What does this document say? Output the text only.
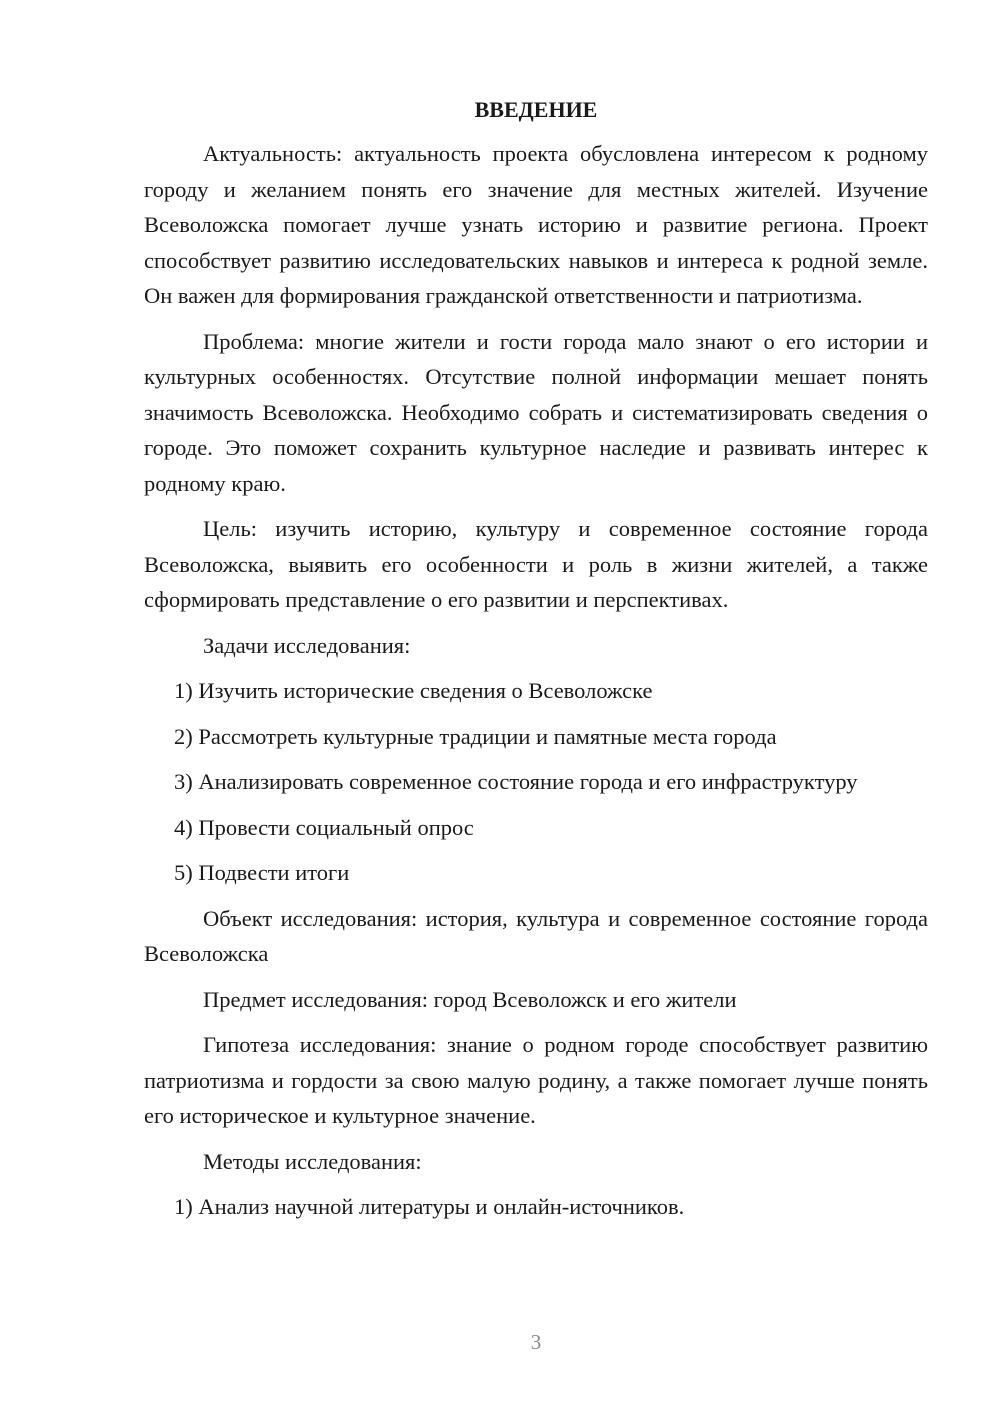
ВВЕДЕНИЕ

Актуальность: актуальность проекта обусловлена интересом к родному городу и желанием понять его значение для местных жителей. Изучение Всеволожска помогает лучше узнать историю и развитие региона. Проект способствует развитию исследовательских навыков и интереса к родной земле. Он важен для формирования гражданской ответственности и патриотизма.

Проблема: многие жители и гости города мало знают о его истории и культурных особенностях. Отсутствие полной информации мешает понять значимость Всеволожска. Необходимо собрать и систематизировать сведения о городе. Это поможет сохранить культурное наследие и развивать интерес к родному краю.

Цель: изучить историю, культуру и современное состояние города Всеволожска, выявить его особенности и роль в жизни жителей, а также сформировать представление о его развитии и перспективах.

Задачи исследования:

1) Изучить исторические сведения о Всеволожске

2) Рассмотреть культурные традиции и памятные места города

3) Анализировать современное состояние города и его инфраструктуру

4) Провести социальный опрос

5) Подвести итоги

Объект исследования: история, культура и современное состояние города Всеволожска

Предмет исследования: город Всеволожск и его жители

Гипотеза исследования: знание о родном городе способствует развитию патриотизма и гордости за свою малую родину, а также помогает лучше понять его историческое и культурное значение.

Методы исследования:

1) Анализ научной литературы и онлайн-источников.

3
